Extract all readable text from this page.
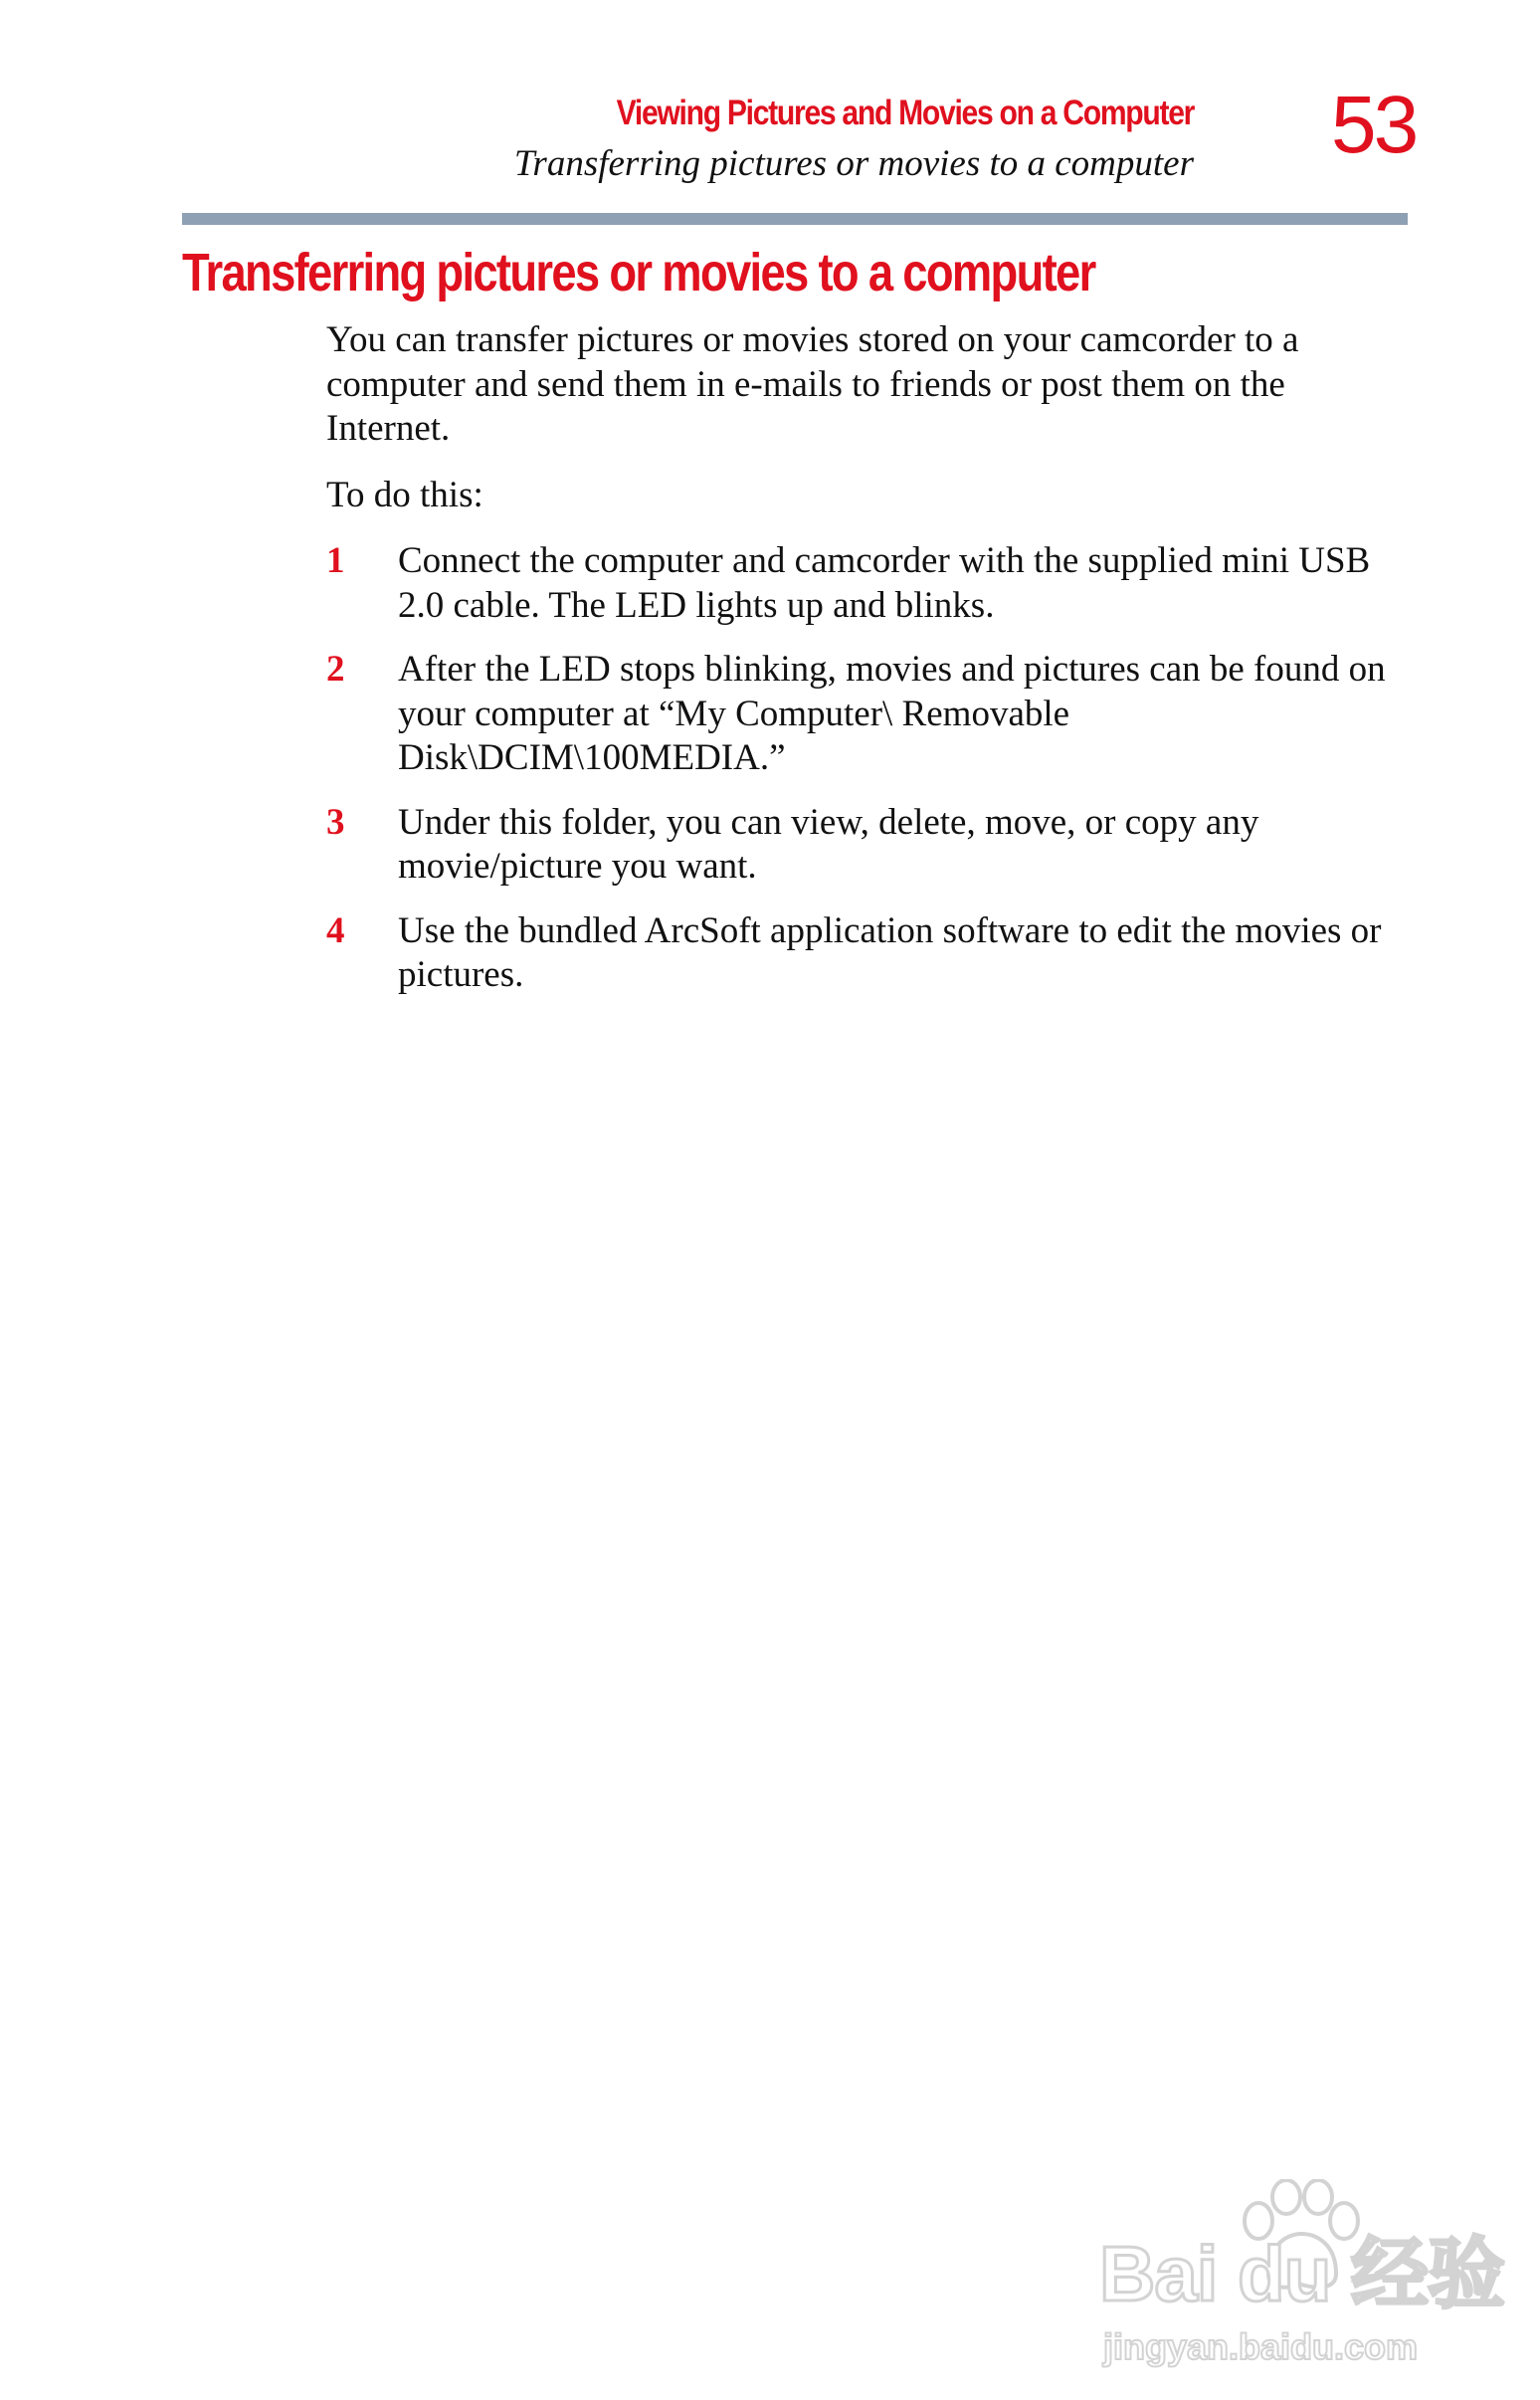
Viewing Pictures and Movies on a Computer
Transferring pictures or movies to a computer 53
Transferring pictures or movies to a computer

You can transfer pictures or movies stored on your camcorder to a computer and send them in e-mails to friends or post them on the Internet.

To do this:

1 Connect the computer and camcorder with the supplied mini USB 2.0 cable. The LED lights up and blinks.
2 After the LED stops blinking, movies and pictures can be found on your computer at “My Computer\ Removable Disk\DCIM\100MEDIA.”
3 Under this folder, you can view, delete, move, or copy any movie/picture you want.
4 Use the bundled ArcSoft application software to edit the movies or pictures.
Bai du 经验
jingyan.baidu.com
